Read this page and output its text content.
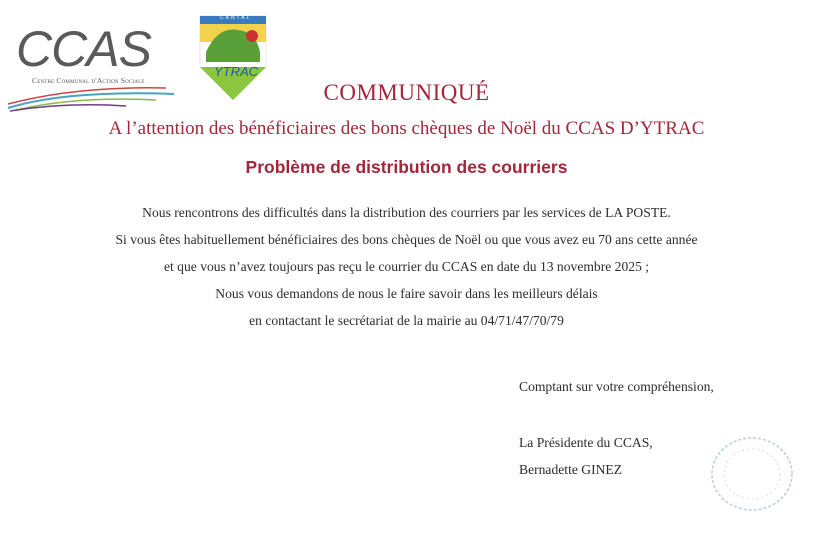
CCAS
Centre Communal d'Action Sociale
CANTAL
YTRAC
COMMUNIQUÉ
A l’attention des bénéficiaires des bons chèques de Noël du CCAS D’YTRAC
Problème de distribution des courriers
Nous rencontrons des difficultés dans la distribution des courriers par les services de LA POSTE.
Si vous êtes habituellement bénéficiaires des bons chèques de Noël ou que vous avez eu 70 ans cette année
et que vous n’avez toujours pas reçu le courrier du CCAS en date du 13 novembre 2025 ;
Nous vous demandons de nous le faire savoir dans les meilleurs délais
en contactant le secrétariat de la mairie au 04/71/47/70/79
Comptant sur votre compréhension,
La Présidente du CCAS,
Bernadette GINEZ
